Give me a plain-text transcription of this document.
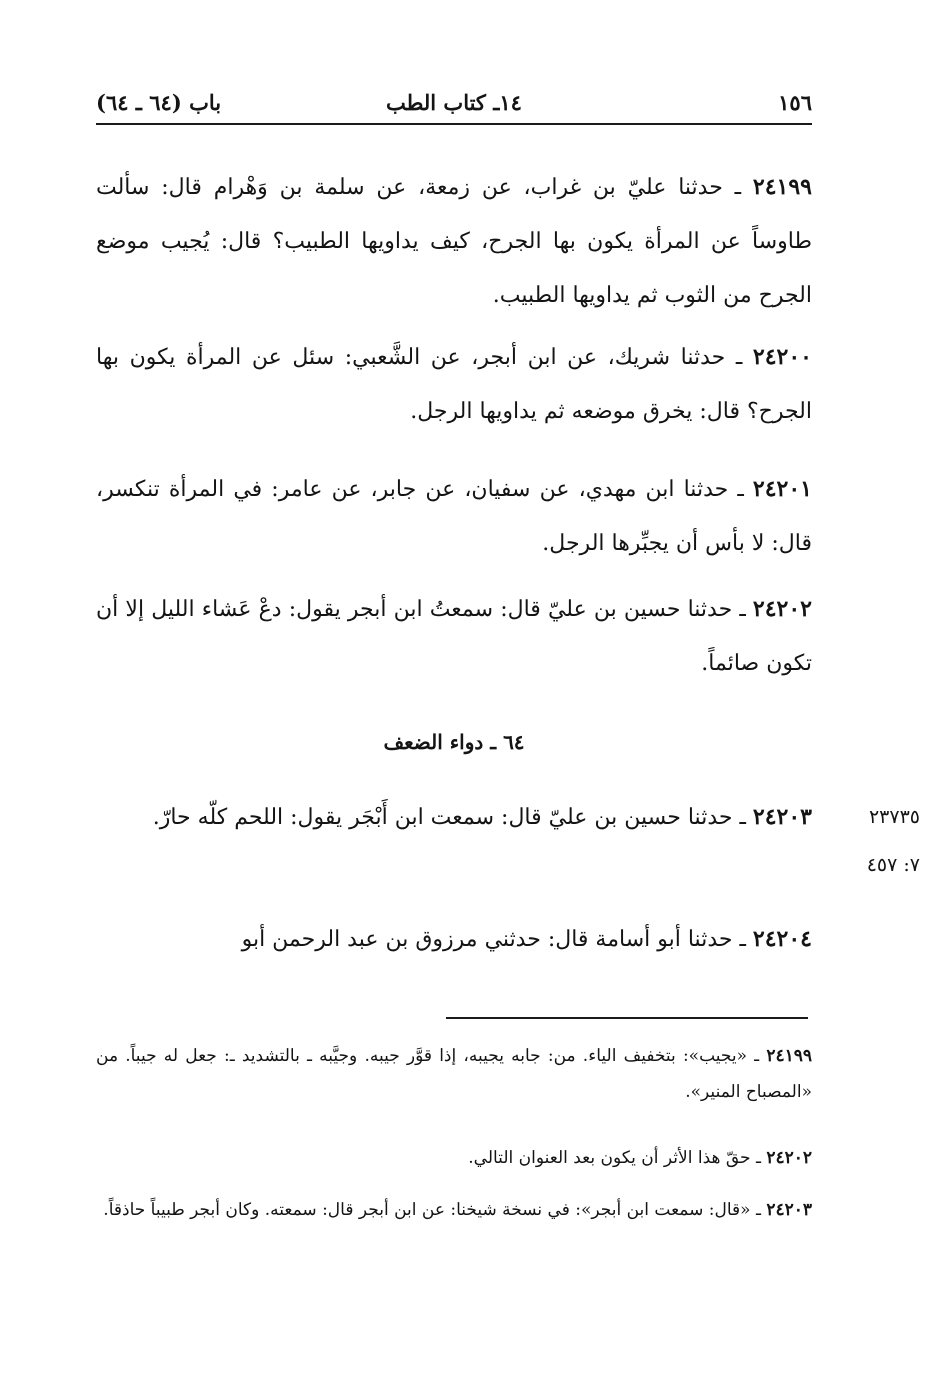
١٥٦
١٤ـ كتاب الطب
باب (٦٤ ـ ٦٤)

٢٤١٩٩ ـ حدثنا عليّ بن غراب، عن زمعة، عن سلمة بن وَهْرام قال: سألت طاوساً عن المرأة يكون بها الجرح، كيف يداويها الطبيب؟ قال: يُجيب موضع الجرح من الثوب ثم يداويها الطبيب.

٢٤٢٠٠ ـ حدثنا شريك، عن ابن أبجر، عن الشَّعبي: سئل عن المرأة يكون بها الجرح؟ قال: يخرق موضعه ثم يداويها الرجل.

٢٤٢٠١ ـ حدثنا ابن مهدي، عن سفيان، عن جابر، عن عامر: في المرأة تنكسر، قال: لا بأس أن يجبِّرها الرجل.

٢٤٢٠٢ ـ حدثنا حسين بن عليّ قال: سمعتُ ابن أبجر يقول: دعْ عَشاء الليل إلا أن تكون صائماً.

٦٤ ـ دواء الضعف

٢٤٢٠٣ ـ حدثنا حسين بن عليّ قال: سمعت ابن أَبْجَر يقول: اللحم كلّه حارّ.	٢٣٧٣٥
٧: ٤٥٧

٢٤٢٠٤ ـ حدثنا أبو أسامة قال: حدثني مرزوق بن عبد الرحمن أبو

٢٤١٩٩ ـ «يجيب»: بتخفيف الياء. من: جابه يجيبه، إذا قوَّر جيبه. وجيَّبه ـ بالتشديد ـ: جعل له جيباً. من «المصباح المنير».

٢٤٢٠٢ ـ حقّ هذا الأثر أن يكون بعد العنوان التالي.

٢٤٢٠٣ ـ «قال: سمعت ابن أبجر»: في نسخة شيخنا: عن ابن أبجر قال: سمعته. وكان أبجر طبيباً حاذقاً.
